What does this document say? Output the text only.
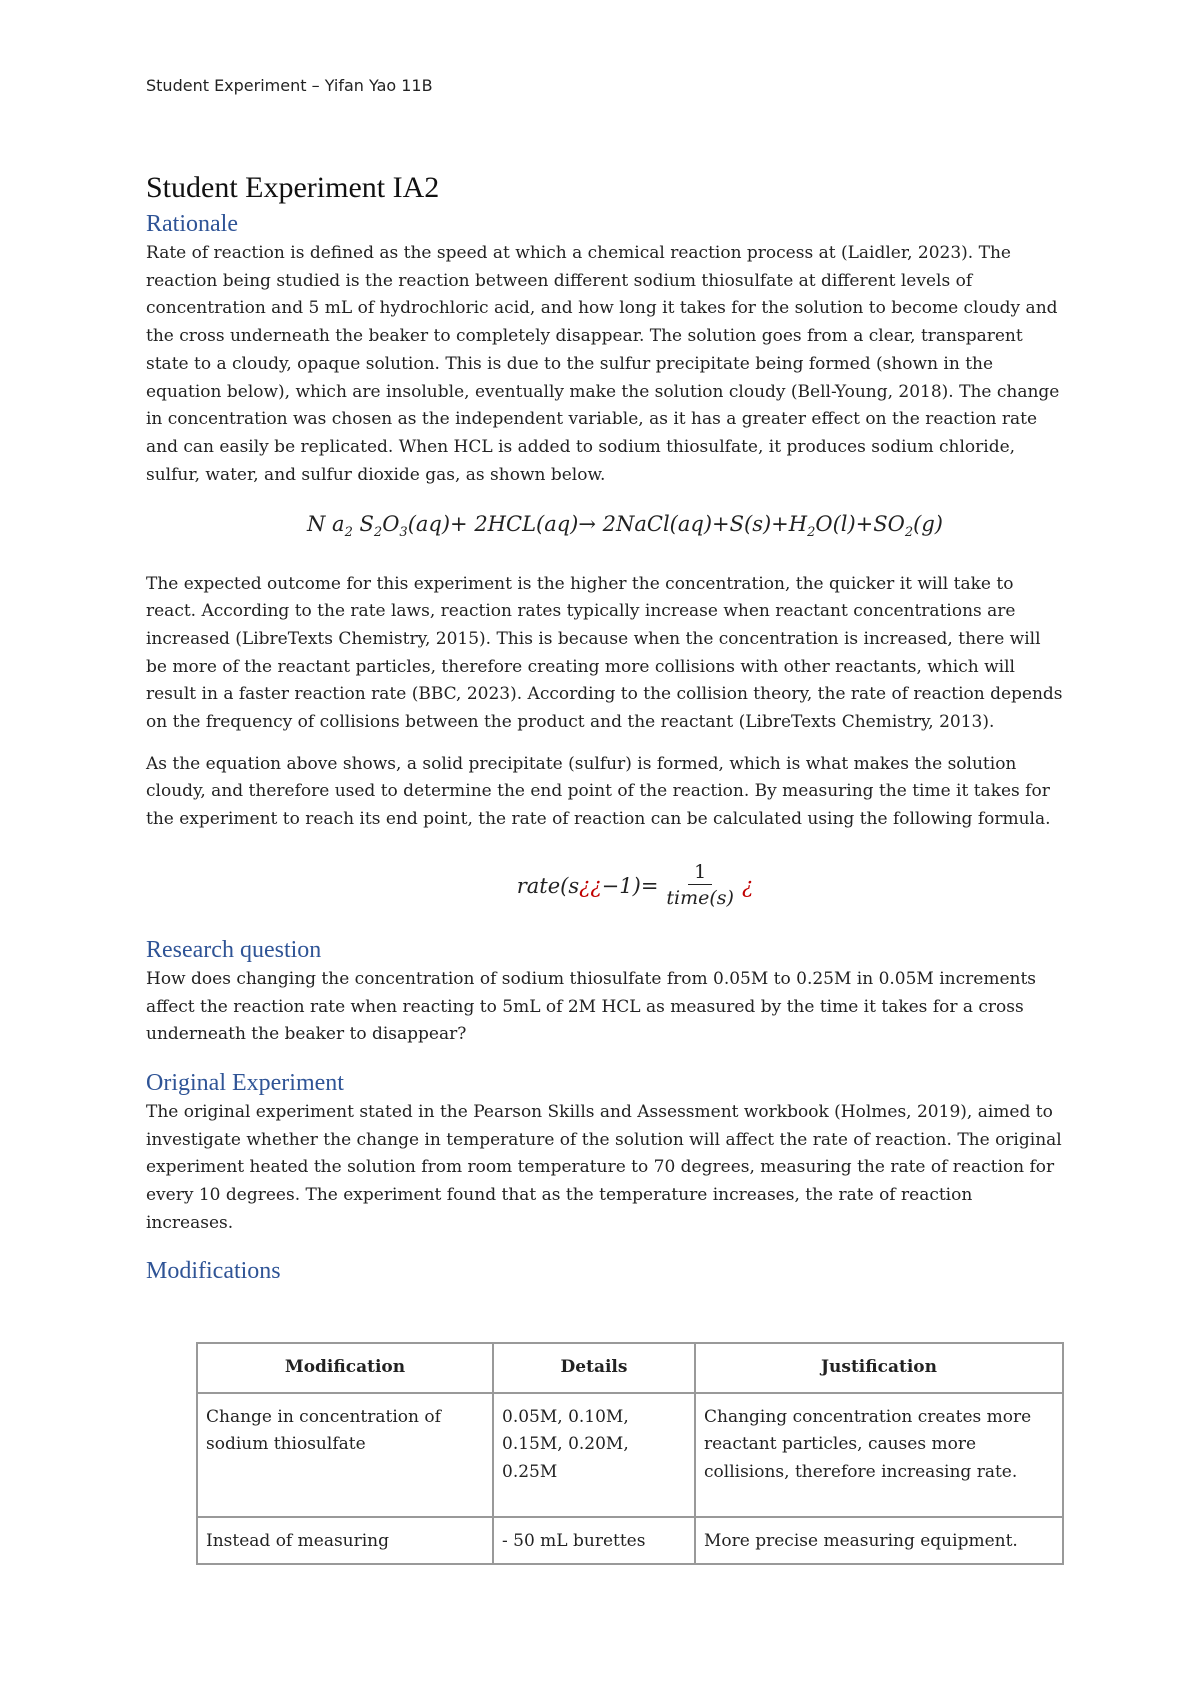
Student Experiment – Yifan Yao 11B
Student Experiment IA2
Rationale

Rate of reaction is defined as the speed at which a chemical reaction process at (Laidler, 2023). The reaction being studied is the reaction between different sodium thiosulfate at different levels of concentration and 5 mL of hydrochloric acid, and how long it takes for the solution to become cloudy and the cross underneath the beaker to completely disappear. The solution goes from a clear, transparent state to a cloudy, opaque solution. This is due to the sulfur precipitate being formed (shown in the equation below), which are insoluble, eventually make the solution cloudy (Bell-Young, 2018). The change in concentration was chosen as the independent variable, as it has a greater effect on the reaction rate and can easily be replicated. When HCL is added to sodium thiosulfate, it produces sodium chloride, sulfur, water, and sulfur dioxide gas, as shown below.

N $a_2$ $S_2O_3(aq)+ 2HCL(aq)\to$ $2NaCl(aq)+S(s)+H_2O(l)+SO_2(g)$

The expected outcome for this experiment is the higher the concentration, the quicker it will take to react. According to the rate laws, reaction rates typically increase when reactant concentrations are increased (LibreTexts Chemistry, 2015). This is because when the concentration is increased, there will be more of the reactant particles, therefore creating more collisions with other reactants, which will result in a faster reaction rate (BBC, 2023). According to the collision theory, the rate of reaction depends on the frequency of collisions between the product and the reactant (LibreTexts Chemistry, 2013).

As the equation above shows, a solid precipitate (sulfur) is formed, which is what makes the solution cloudy, and therefore used to determine the end point of the reaction. By measuring the time it takes for the experiment to reach its end point, the rate of reaction can be calculated using the following formula.

rate(s ¿¿ $-1)= \frac{1}{\text{time(s)}}$ ¿
Research question

How does changing the concentration of sodium thiosulfate from 0.05M to 0.25M in 0.05M increments affect the reaction rate when reacting to 5mL of 2M HCL as measured by the time it takes for a cross underneath the beaker to disappear?

Original Experiment

The original experiment stated in the Pearson Skills and Assessment workbook (Holmes, 2019), aimed to investigate whether the change in temperature of the solution will affect the rate of reaction. The original experiment heated the solution from room temperature to 70 degrees, measuring the rate of reaction for every 10 degrees. The experiment found that as the temperature increases, the rate of reaction increases.

Modifications
Modification	Details	Justification
Change in concentration of sodium thiosulfate	0.05M, 0.10M, 0.15M, 0.20M, 0.25M	Changing concentration creates more reactant particles, causes more collisions, therefore increasing rate.
Instead of measuring	- 50 mL burettes	More precise measuring equipment.
